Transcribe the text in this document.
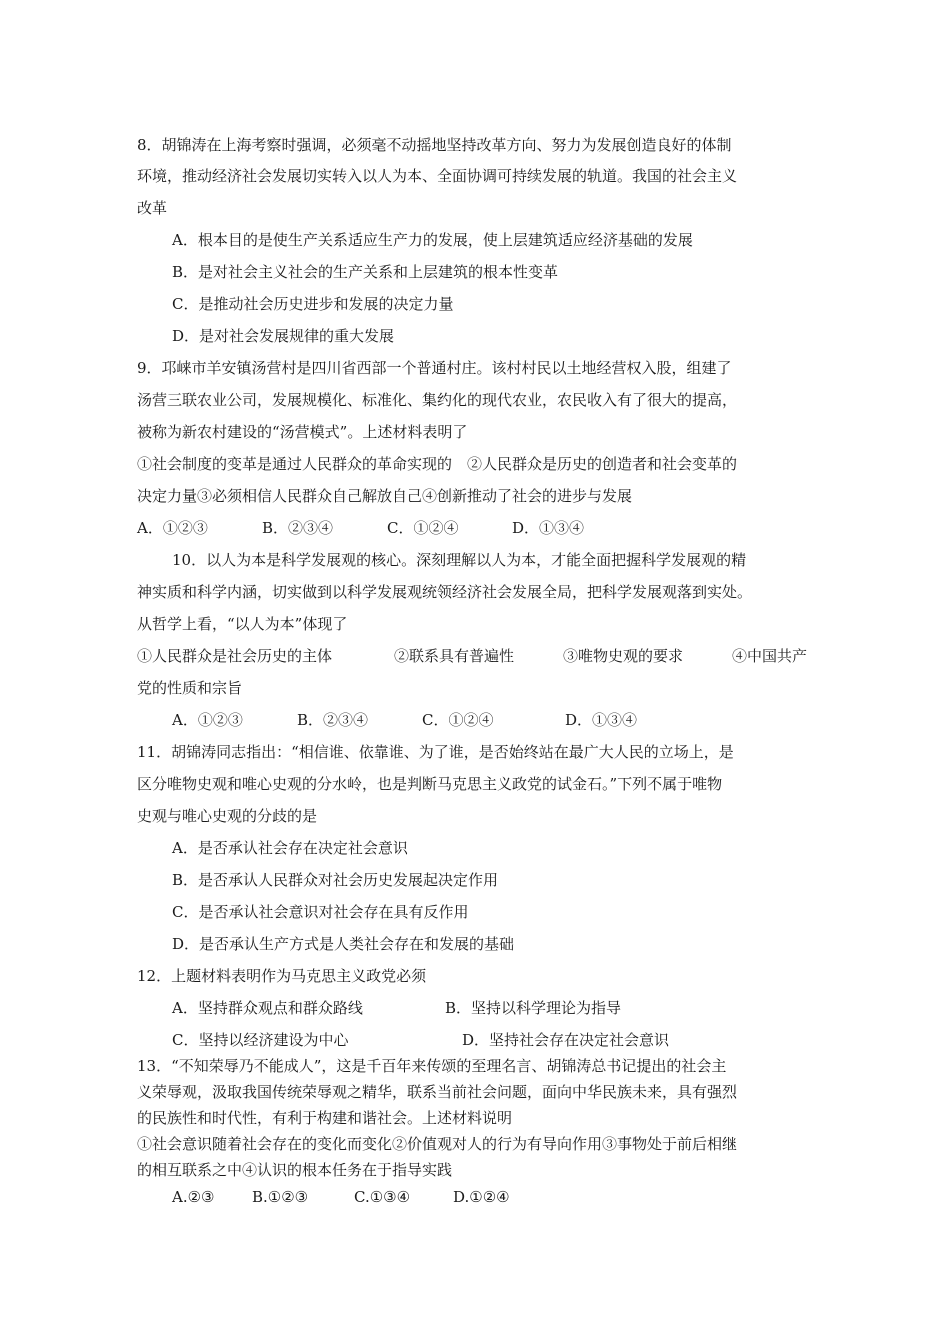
8．胡锦涛在上海考察时强调，必须毫不动摇地坚持改革方向、努力为发展创造良好的体制
环境，推动经济社会发展切实转入以人为本、全面协调可持续发展的轨道。我国的社会主义
改革
A．根本目的是使生产关系适应生产力的发展，使上层建筑适应经济基础的发展
B．是对社会主义社会的生产关系和上层建筑的根本性变革
C．是推动社会历史进步和发展的决定力量
D．是对社会发展规律的重大发展
9．邛崃市羊安镇汤营村是四川省西部一个普通村庄。该村村民以土地经营权入股，组建了
汤营三联农业公司，发展规模化、标准化、集约化的现代农业，农民收入有了很大的提高，
被称为新农村建设的“汤营模式”。上述材料表明了
①社会制度的变革是通过人民群众的革命实现的　②人民群众是历史的创造者和社会变革的
决定力量③必须相信人民群众自己解放自己④创新推动了社会的进步与发展
A．①②③	B．②③④	C．①②④	D．①③④
10．以人为本是科学发展观的核心。深刻理解以人为本，才能全面把握科学发展观的精
神实质和科学内涵，切实做到以科学发展观统领经济社会发展全局，把科学发展观落到实处。
从哲学上看，“以人为本”体现了
①人民群众是社会历史的主体	②联系具有普遍性	③唯物史观的要求	④中国共产
党的性质和宗旨
A．①②③	B．②③④	C．①②④	D．①③④
11．胡锦涛同志指出：“相信谁、依靠谁、为了谁，是否始终站在最广大人民的立场上，是
区分唯物史观和唯心史观的分水岭，也是判断马克思主义政党的试金石。”下列不属于唯物
史观与唯心史观的分歧的是
A．是否承认社会存在决定社会意识
B．是否承认人民群众对社会历史发展起决定作用
C．是否承认社会意识对社会存在具有反作用
D．是否承认生产方式是人类社会存在和发展的基础
12．上题材料表明作为马克思主义政党必须
A．坚持群众观点和群众路线	B．坚持以科学理论为指导
C．坚持以经济建设为中心	D．坚持社会存在决定社会意识
13．“不知荣辱乃不能成人”，这是千百年来传颂的至理名言、胡锦涛总书记提出的社会主
义荣辱观，汲取我国传统荣辱观之精华，联系当前社会问题，面向中华民族未来，具有强烈
的民族性和时代性，有利于构建和谐社会。上述材料说明
①社会意识随着社会存在的变化而变化②价值观对人的行为有导向作用③事物处于前后相继
的相互联系之中④认识的根本任务在于指导实践
A.②③	B.①②③	C.①③④	D.①②④
